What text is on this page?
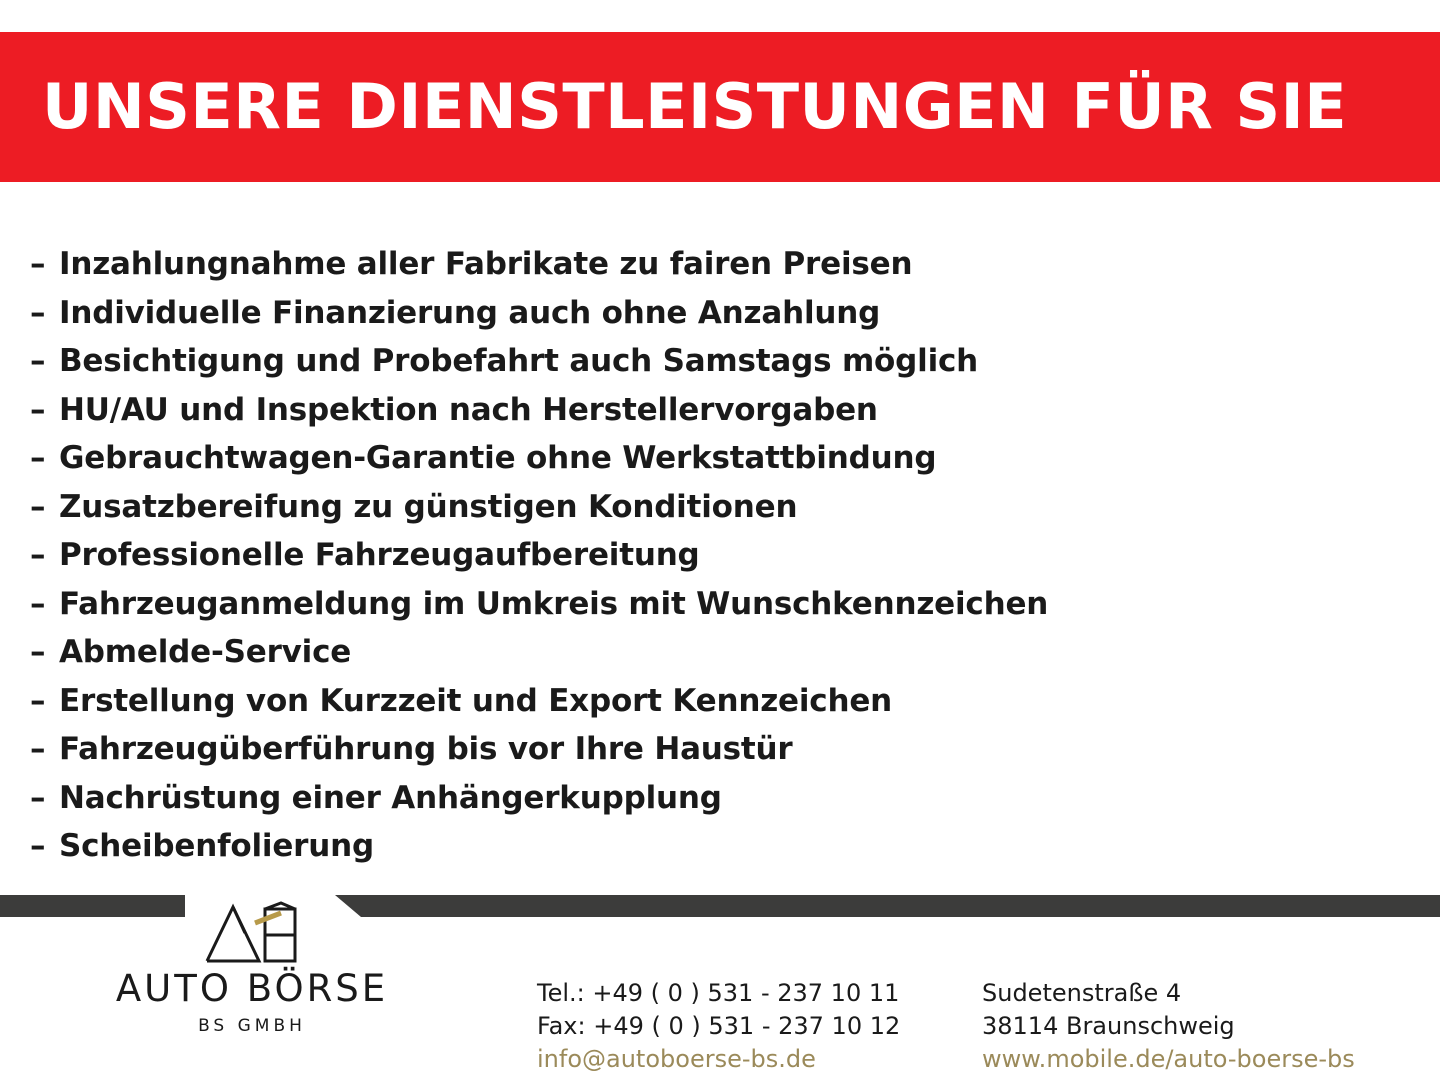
UNSERE DIENSTLEISTUNGEN FÜR SIE
– Inzahlungnahme aller Fabrikate zu fairen Preisen
– Individuelle Finanzierung auch ohne Anzahlung
– Besichtigung und Probefahrt auch Samstags möglich
– HU/AU und Inspektion nach Herstellervorgaben
– Gebrauchtwagen-Garantie ohne Werkstattbindung
– Zusatzbereifung zu günstigen Konditionen
– Professionelle Fahrzeugaufbereitung
– Fahrzeuganmeldung im Umkreis mit Wunschkennzeichen
– Abmelde-Service
– Erstellung von Kurzzeit und Export Kennzeichen
– Fahrzeugüberführung bis vor Ihre Haustür
– Nachrüstung einer Anhängerkupplung
– Scheibenfolierung
AUTO BÖRSE
BS GMBH
Tel.: +49 ( 0 ) 531 - 237 10 11
Fax: +49 ( 0 ) 531 - 237 10 12
info@autoboerse-bs.de
Sudetenstraße 4
38114 Braunschweig
www.mobile.de/auto-boerse-bs
